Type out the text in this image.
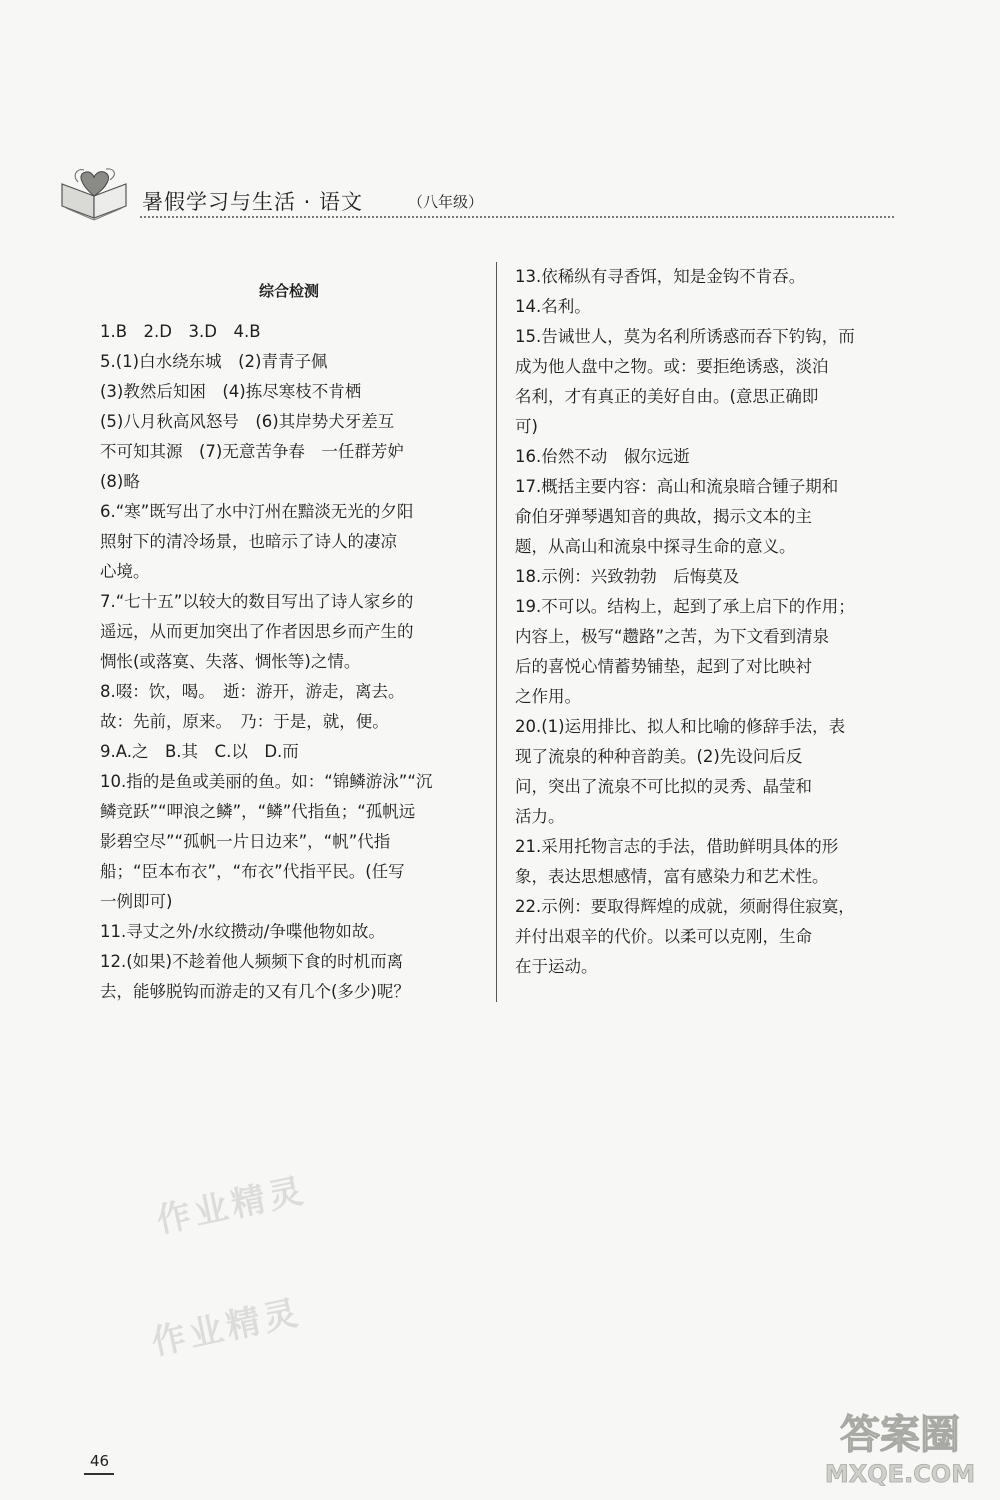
暑假学习与生活 · 语文	（八年级）
综合检测

1.B　2.D　3.D　4.B

5.(1)白水绕东城　(2)青青子佩

(3)教然后知困　(4)拣尽寒枝不肯栖

(5)八月秋高风怒号　(6)其岸势犬牙差互

不可知其源　(7)无意苦争春　一任群芳妒

(8)略

6.“寒”既写出了水中汀州在黯淡无光的夕阳

照射下的清冷场景，也暗示了诗人的凄凉

心境。

7.“七十五”以较大的数目写出了诗人家乡的

遥远，从而更加突出了作者因思乡而产生的

惆怅(或落寞、失落、惆怅等)之情。

8.啜：饮，喝。　逝：游开，游走，离去。

故：先前，原来。　乃：于是，就，便。

9.A.之　B.其　C.以　D.而

10.指的是鱼或美丽的鱼。如：“锦鳞游泳”“沉

鳞竞跃”“呷浪之鳞”，“鳞”代指鱼；“孤帆远

影碧空尽”“孤帆一片日边来”，“帆”代指

船；“臣本布衣”，“布衣”代指平民。(任写

一例即可)

11.寻丈之外/水纹攒动/争喋他物如故。

12.(如果)不趁着他人频频下食的时机而离

去，能够脱钩而游走的又有几个(多少)呢？

13.依稀纵有寻香饵，知是金钩不肯吞。

14.名利。

15.告诫世人，莫为名利所诱惑而吞下钓钩，而

成为他人盘中之物。或：要拒绝诱惑，淡泊

名利，才有真正的美好自由。(意思正确即

可)

16.佁然不动　俶尔远逝

17.概括主要内容：高山和流泉暗合锺子期和

俞伯牙弹琴遇知音的典故，揭示文本的主

题，从高山和流泉中探寻生命的意义。

18.示例：兴致勃勃　后悔莫及

19.不可以。结构上，起到了承上启下的作用；

内容上，极写“趱路”之苦，为下文看到清泉

后的喜悦心情蓄势铺垫，起到了对比映衬

之作用。

20.(1)运用排比、拟人和比喻的修辞手法，表

现了流泉的种种音韵美。(2)先设问后反

问，突出了流泉不可比拟的灵秀、晶莹和

活力。

21.采用托物言志的手法，借助鲜明具体的形

象，表达思想感情，富有感染力和艺术性。

22.示例：要取得辉煌的成就，须耐得住寂寞，

并付出艰辛的代价。以柔可以克刚，生命

在于运动。

作业精灵
作业精灵
46
答案圈
MXQE.COM
